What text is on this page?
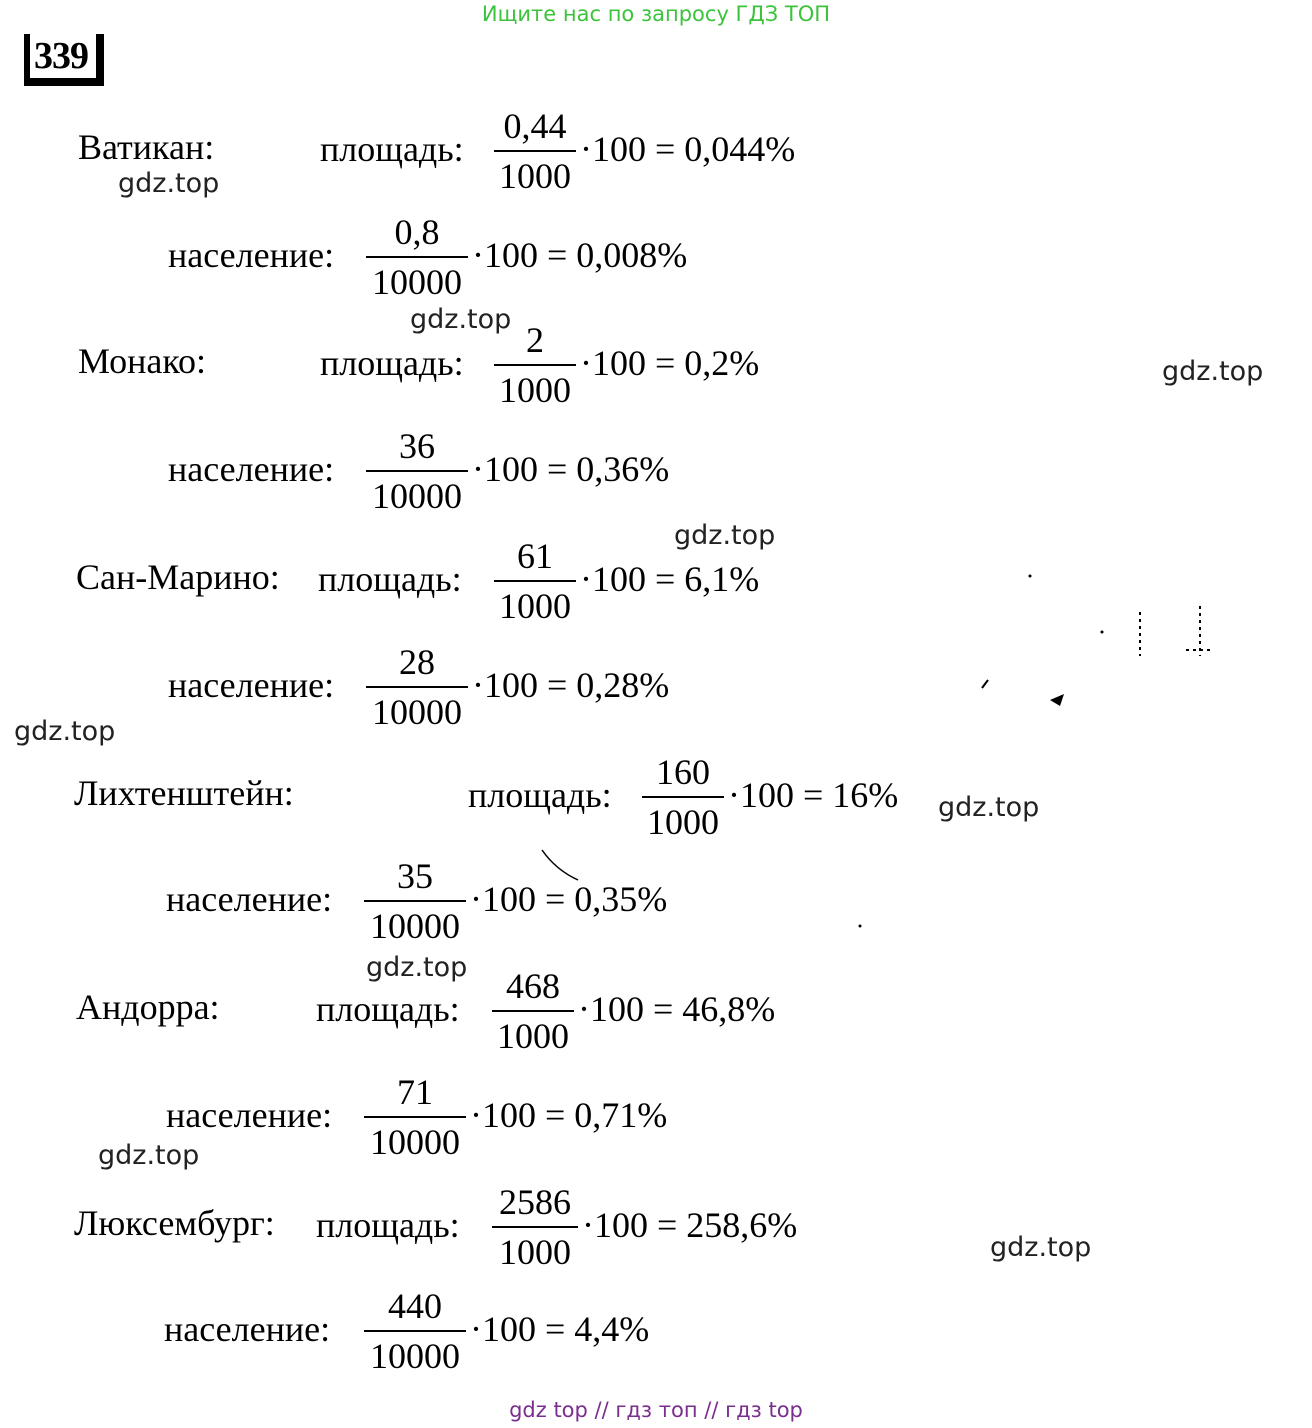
Ищите нас по запросу ГДЗ ТОП
339
Ватикан:	площадь:
0,44
1000
·100 = 0,044%
население:
0,8
10000
·100 = 0,008%
Монако:	площадь:
2
1000
·100 = 0,2%
население:
36
10000
·100 = 0,36%
Сан-Марино: площадь:
61
1000
·100 = 6,1%
население:
28
10000
·100 = 0,28%
Лихтенштейн:	площадь:
160
1000
·100 = 16%
население:
35
10000
·100 = 0,35%
Андорра:	площадь:
468
1000
·100 = 46,8%
население:
71
10000
·100 = 0,71%
Люксембург: площадь:
2586
1000
·100 = 258,6%
население:
440
10000
·100 = 4,4%
gdz.top
gdz.top
gdz.top
gdz.top
gdz.top
gdz.top
gdz.top
gdz.top
gdz.top
gdz top // гдз топ // гдз top
